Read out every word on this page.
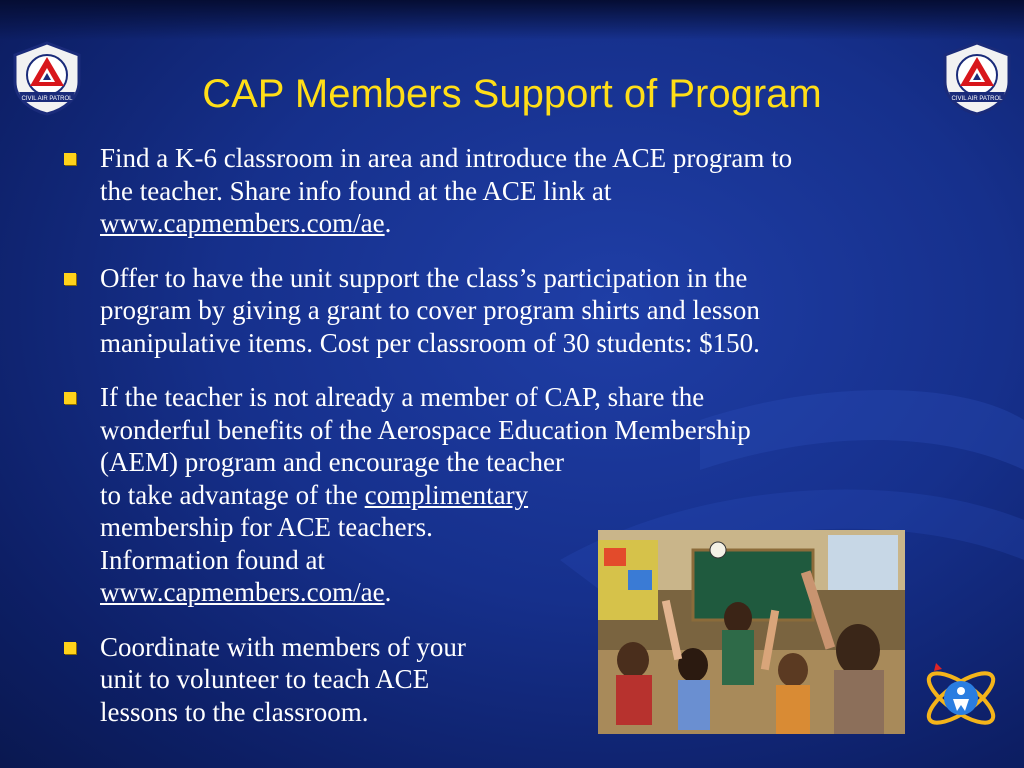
CIVIL AIR PATROL	CIVIL AIR PATROL
CAP Members Support of Program
Find a K-6 classroom in area and introduce the ACE program to
the teacher. Share info found at the ACE link at
www.capmembers.com/ae.
Offer to have the unit support the class’s participation in the
program by giving a grant to cover program shirts and lesson
manipulative items. Cost per classroom of 30 students: $150.
If the teacher is not already a member of CAP, share the
wonderful benefits of the Aerospace Education Membership
(AEM) program and encourage the teacher
to take advantage of the complimentary
membership for ACE teachers.
Information found at
www.capmembers.com/ae.
Coordinate with members of your
unit to volunteer to teach ACE
lessons to the classroom.
